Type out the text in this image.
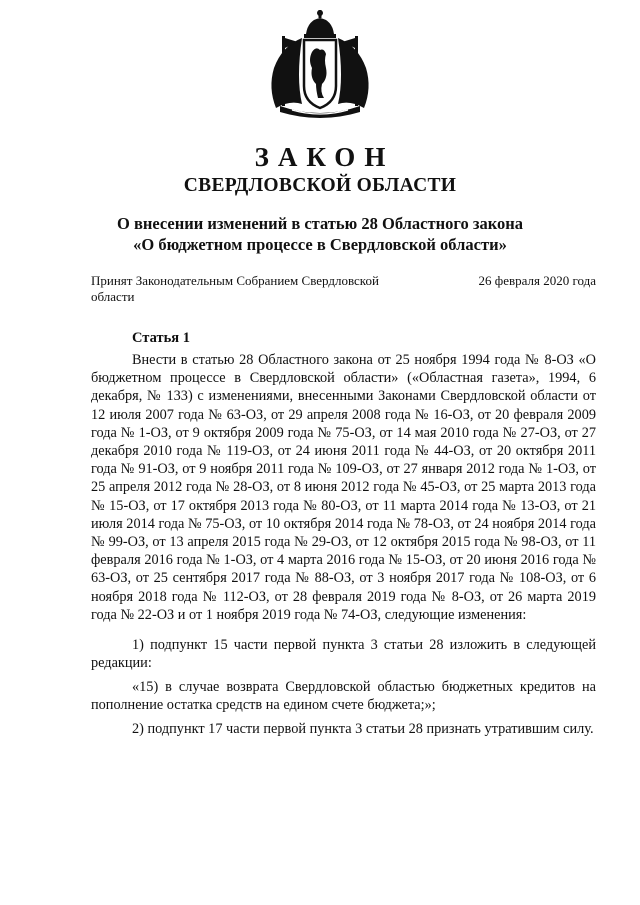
ЗАКОН
СВЕРДЛОВСКОЙ ОБЛАСТИ
О внесении изменений в статью 28 Областного закона
«О бюджетном процессе в Свердловской области»
Принят Законодательным Собранием Свердловской области
26 февраля 2020 года
Статья 1

Внести в статью 28 Областного закона от 25 ноября 1994 года № 8-ОЗ «О бюджетном процессе в Свердловской области» («Областная газета», 1994, 6 декабря, № 133) с изменениями, внесенными Законами Свердловской области от 12 июля 2007 года № 63-ОЗ, от 29 апреля 2008 года № 16-ОЗ, от 20 февраля 2009 года № 1-ОЗ, от 9 октября 2009 года № 75-ОЗ, от 14 мая 2010 года № 27-ОЗ, от 27 декабря 2010 года № 119-ОЗ, от 24 июня 2011 года № 44-ОЗ, от 20 октября 2011 года № 91-ОЗ, от 9 ноября 2011 года № 109-ОЗ, от 27 января 2012 года № 1-ОЗ, от 25 апреля 2012 года № 28-ОЗ, от 8 июня 2012 года № 45-ОЗ, от 25 марта 2013 года № 15-ОЗ, от 17 октября 2013 года № 80-ОЗ, от 11 марта 2014 года № 13-ОЗ, от 21 июля 2014 года № 75-ОЗ, от 10 октября 2014 года № 78-ОЗ, от 24 ноября 2014 года № 99-ОЗ, от 13 апреля 2015 года № 29-ОЗ, от 12 октября 2015 года № 98-ОЗ, от 11 февраля 2016 года № 1-ОЗ, от 4 марта 2016 года № 15-ОЗ, от 20 июня 2016 года № 63-ОЗ, от 25 сентября 2017 года № 88-ОЗ, от 3 ноября 2017 года № 108-ОЗ, от 6 ноября 2018 года № 112-ОЗ, от 28 февраля 2019 года № 8-ОЗ, от 26 марта 2019 года № 22-ОЗ и от 1 ноября 2019 года № 74-ОЗ, следующие изменения:

1) подпункт 15 части первой пункта 3 статьи 28 изложить в следующей редакции:

«15) в случае возврата Свердловской областью бюджетных кредитов на пополнение остатка средств на едином счете бюджета;»;

2) подпункт 17 части первой пункта 3 статьи 28 признать утратившим силу.
